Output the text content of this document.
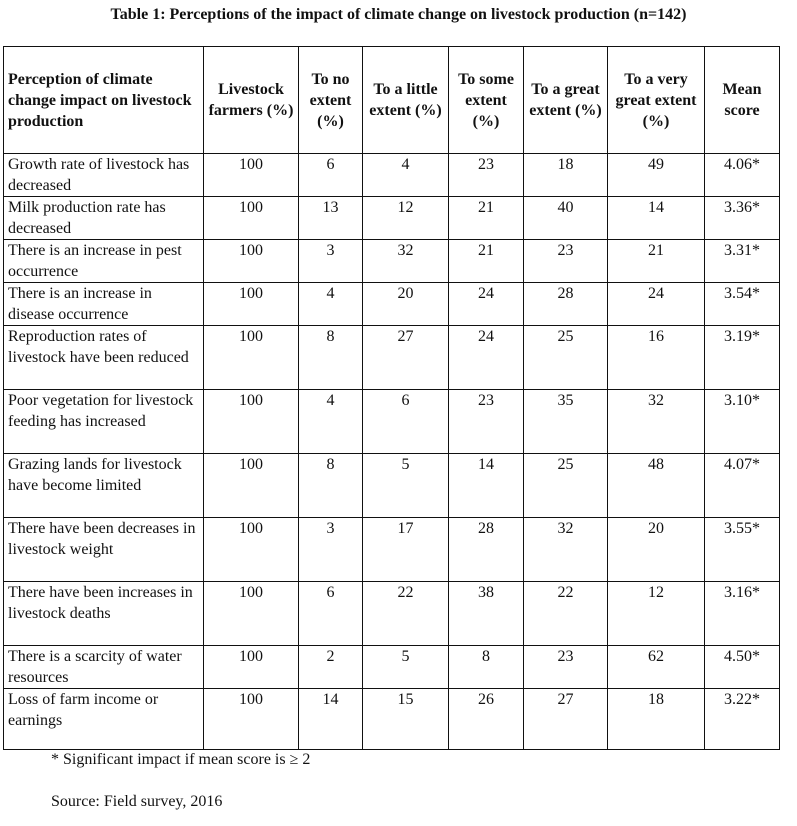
Table 1: Perceptions of the impact of climate change on livestock production (n=142)
Perception of climate change impact on livestock production	Livestock farmers (%)	To no extent (%)	To a little extent (%)	To some extent (%)	To a great extent (%)	To a very great extent (%)	Mean score
Growth rate of livestock has decreased	100	6	4	23	18	49	4.06*
Milk production rate has decreased	100	13	12	21	40	14	3.36*
There is an increase in pest occurrence	100	3	32	21	23	21	3.31*
There is an increase in disease occurrence	100	4	20	24	28	24	3.54*
Reproduction rates of livestock have been reduced	100	8	27	24	25	16	3.19*
Poor vegetation for livestock feeding has increased	100	4	6	23	35	32	3.10*
Grazing lands for livestock have become limited	100	8	5	14	25	48	4.07*
There have been decreases in livestock weight	100	3	17	28	32	20	3.55*
There have been increases in livestock deaths	100	6	22	38	22	12	3.16*
There is a scarcity of water resources	100	2	5	8	23	62	4.50*
Loss of farm income or earnings	100	14	15	26	27	18	3.22*
* Significant impact if mean score is ≥ 2
Source: Field survey, 2016
